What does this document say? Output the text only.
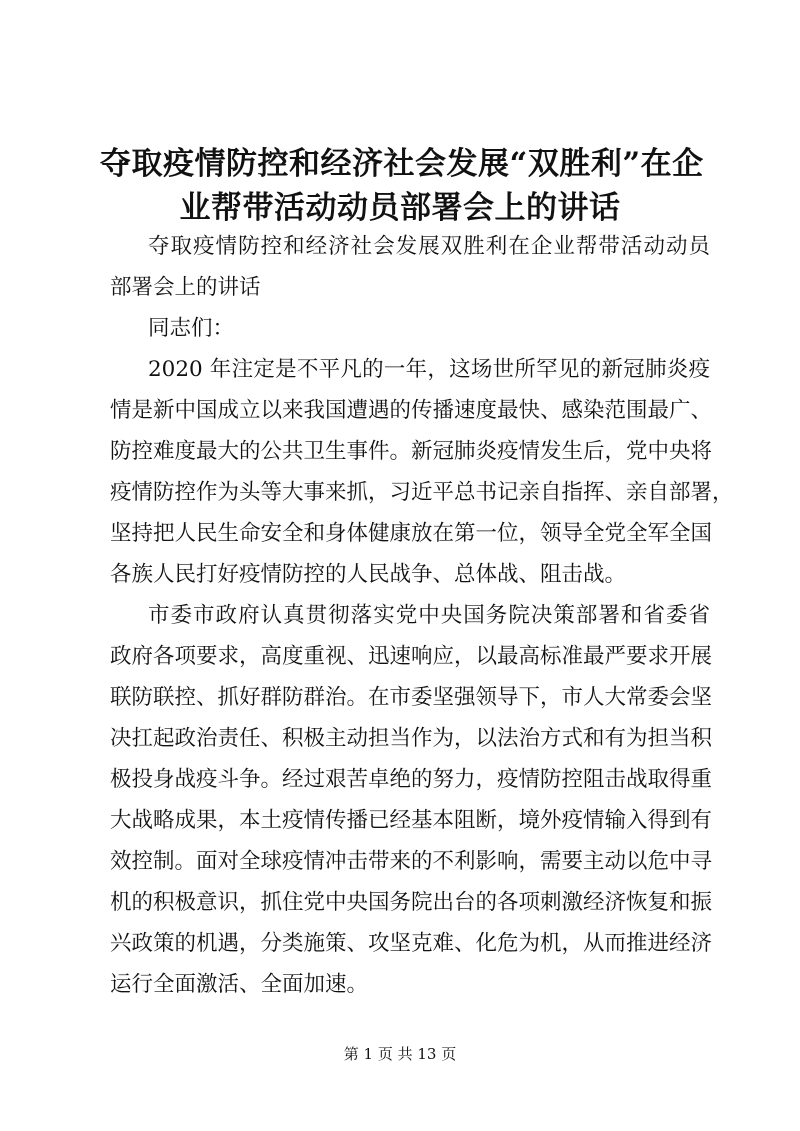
夺取疫情防控和经济社会发展“双胜利”在企
业帮带活动动员部署会上的讲话
夺取疫情防控和经济社会发展双胜利在企业帮带活动动员
部署会上的讲话
同志们：
2020 年注定是不平凡的一年，这场世所罕见的新冠肺炎疫
情是新中国成立以来我国遭遇的传播速度最快、感染范围最广、
防控难度最大的公共卫生事件。新冠肺炎疫情发生后，党中央将
疫情防控作为头等大事来抓，习近平总书记亲自指挥、亲自部署，
坚持把人民生命安全和身体健康放在第一位，领导全党全军全国
各族人民打好疫情防控的人民战争、总体战、阻击战。
市委市政府认真贯彻落实党中央国务院决策部署和省委省
政府各项要求，高度重视、迅速响应，以最高标准最严要求开展
联防联控、抓好群防群治。在市委坚强领导下，市人大常委会坚
决扛起政治责任、积极主动担当作为，以法治方式和有为担当积
极投身战疫斗争。经过艰苦卓绝的努力，疫情防控阻击战取得重
大战略成果，本土疫情传播已经基本阻断，境外疫情输入得到有
效控制。面对全球疫情冲击带来的不利影响，需要主动以危中寻
机的积极意识，抓住党中央国务院出台的各项刺激经济恢复和振
兴政策的机遇，分类施策、攻坚克难、化危为机，从而推进经济
运行全面激活、全面加速。
第 1 页 共 13 页
